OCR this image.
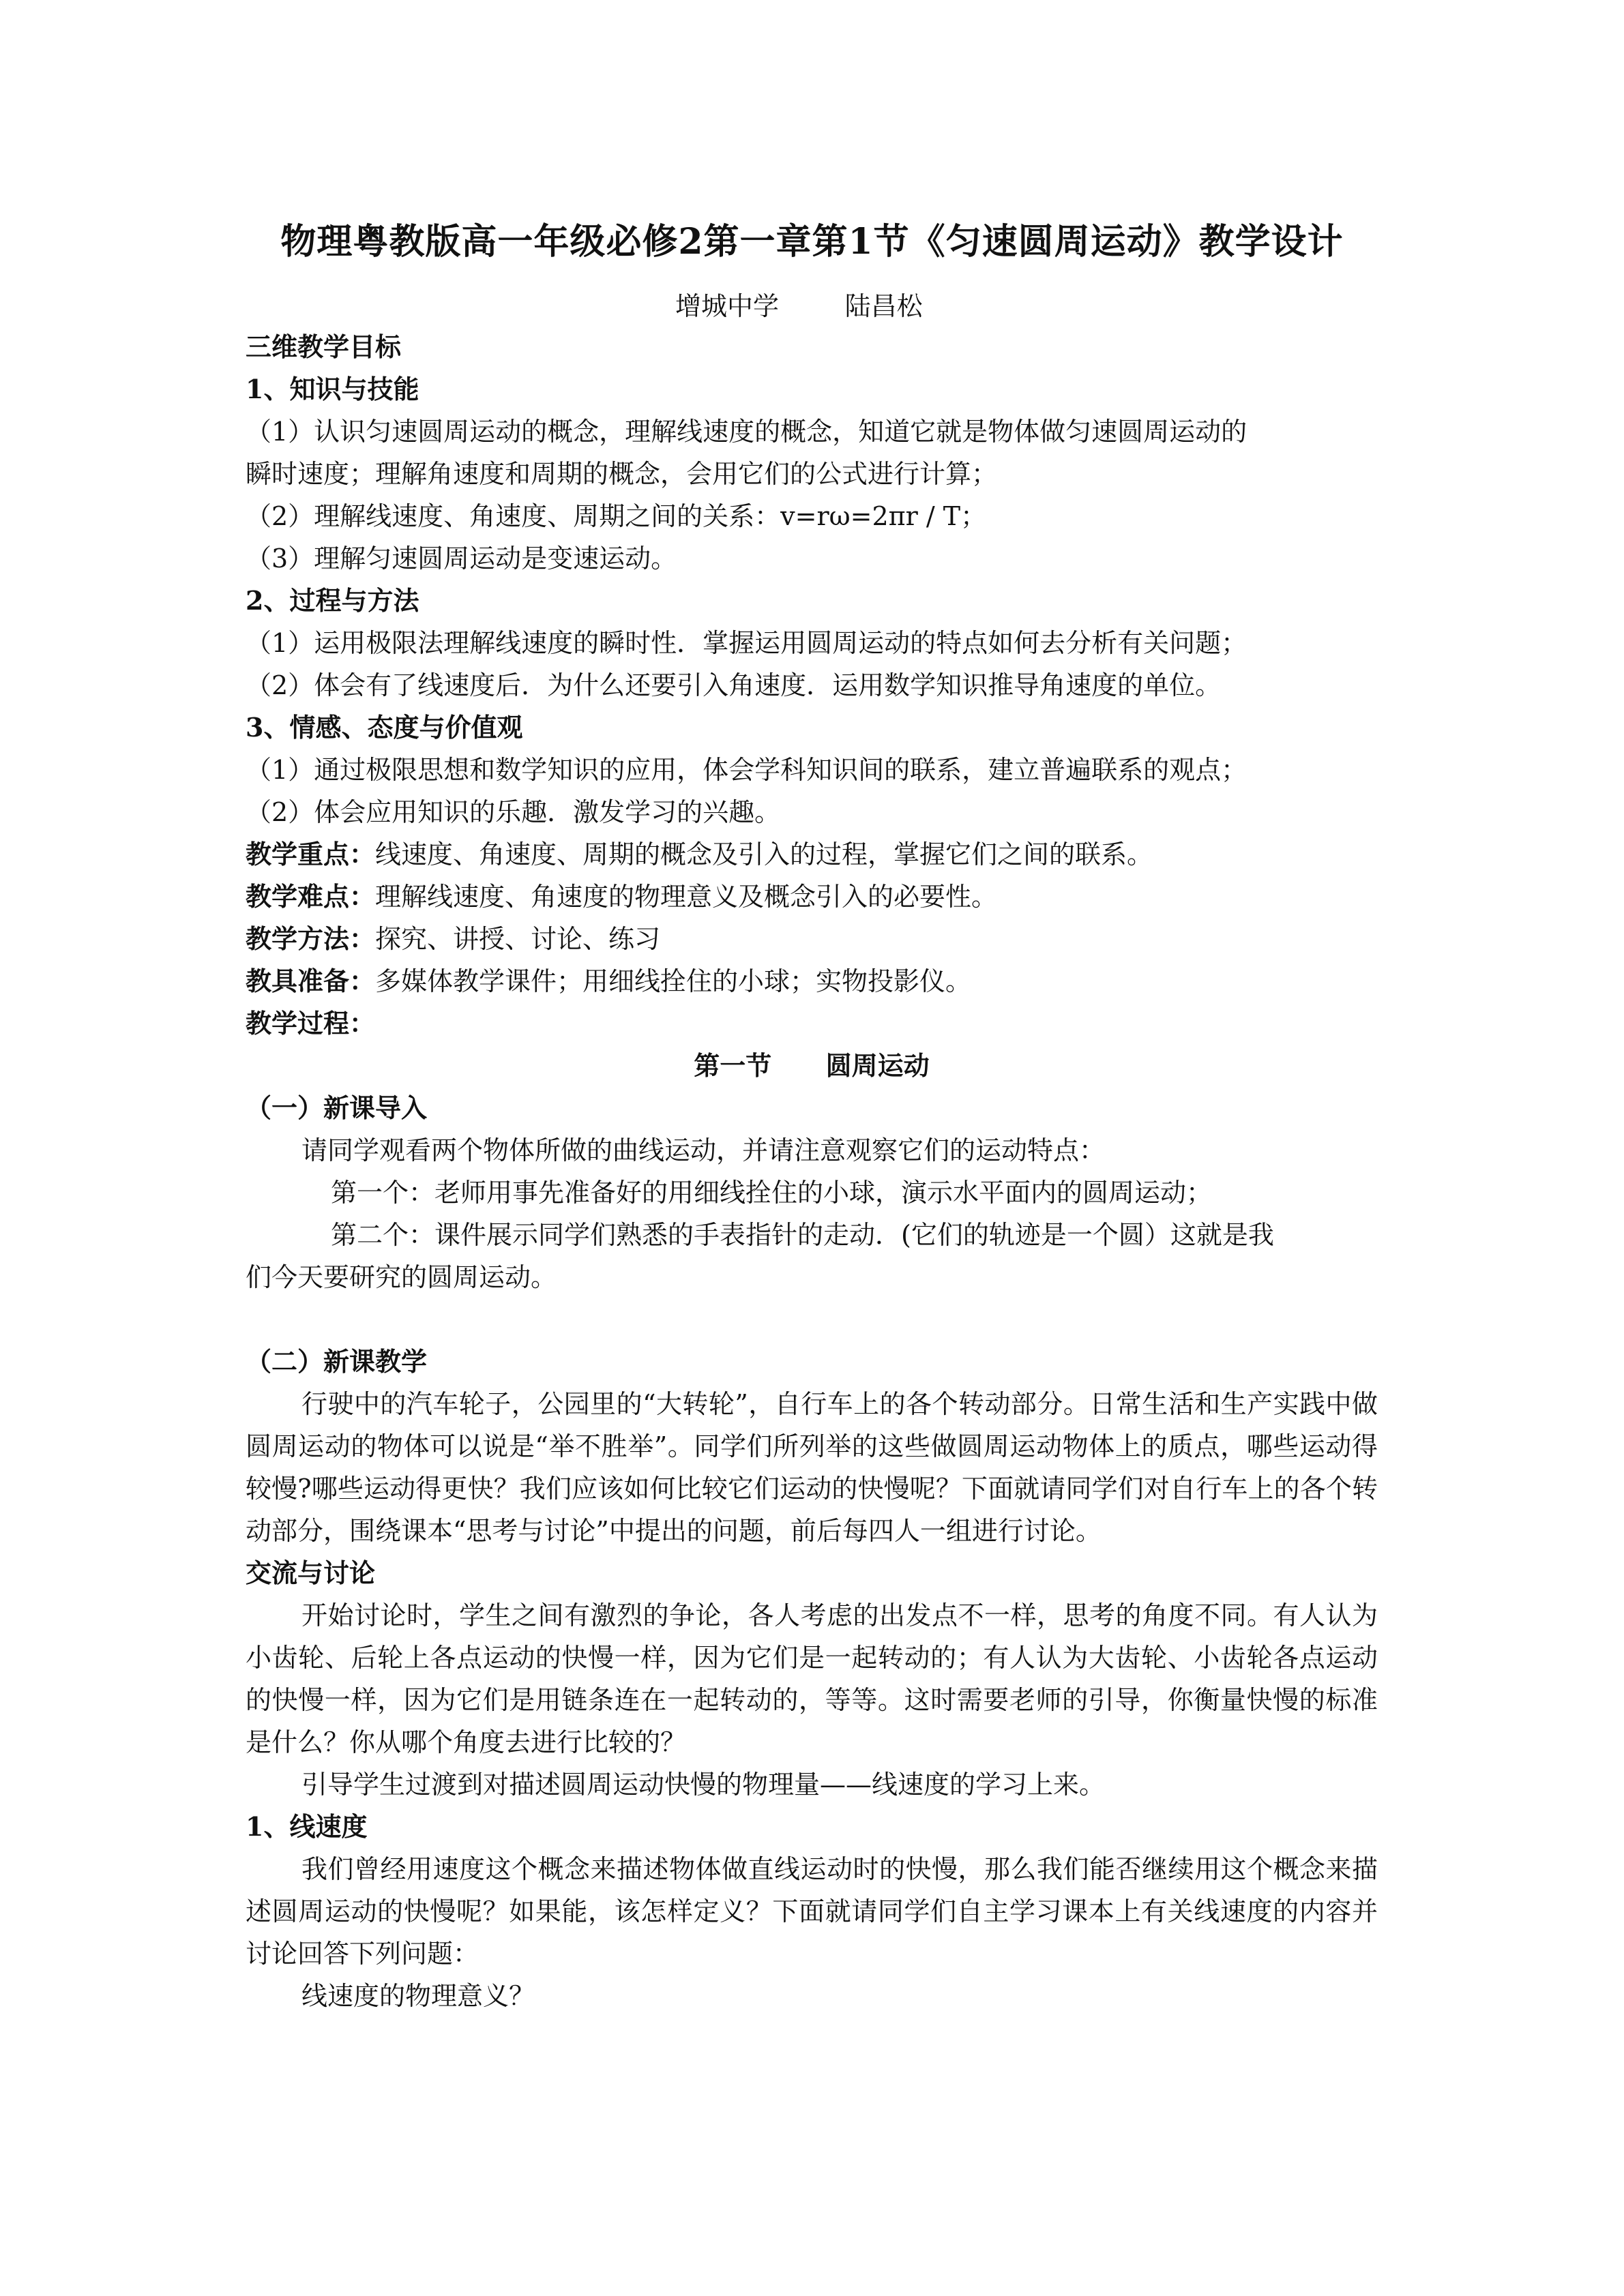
物理粤教版高一年级必修2第一章第1节《匀速圆周运动》教学设计
增城中学        陆昌松
三维教学目标
1、知识与技能
（1）认识匀速圆周运动的概念，理解线速度的概念，知道它就是物体做匀速圆周运动的
瞬时速度；理解角速度和周期的概念，会用它们的公式进行计算；
（2）理解线速度、角速度、周期之间的关系：v=rω=2πr / T；
（3）理解匀速圆周运动是变速运动。
2、过程与方法
（1）运用极限法理解线速度的瞬时性．掌握运用圆周运动的特点如何去分析有关问题；
（2）体会有了线速度后．为什么还要引入角速度．运用数学知识推导角速度的单位。
3、情感、态度与价值观
（1）通过极限思想和数学知识的应用，体会学科知识间的联系，建立普遍联系的观点；
（2）体会应用知识的乐趣．激发学习的兴趣。
教学重点：线速度、角速度、周期的概念及引入的过程，掌握它们之间的联系。
教学难点：理解线速度、角速度的物理意义及概念引入的必要性。
教学方法：探究、讲授、讨论、练习
教具准备：多媒体教学课件；用细线拴住的小球；实物投影仪。
教学过程：
第一节      圆周运动
（一）新课导入
请同学观看两个物体所做的曲线运动，并请注意观察它们的运动特点：
第一个：老师用事先准备好的用细线拴住的小球，演示水平面内的圆周运动；
第二个：课件展示同学们熟悉的手表指针的走动．(它们的轨迹是一个圆）这就是我
们今天要研究的圆周运动。
（二）新课教学
行驶中的汽车轮子，公园里的“大转轮”，自行车上的各个转动部分。日常生活和生产实践中做圆周运动的物体可以说是“举不胜举”。同学们所列举的这些做圆周运动物体上的质点，哪些运动得较慢?哪些运动得更快？我们应该如何比较它们运动的快慢呢？下面就请同学们对自行车上的各个转动部分，围绕课本“思考与讨论”中提出的问题，前后每四人一组进行讨论。
交流与讨论
开始讨论时，学生之间有激烈的争论，各人考虑的出发点不一样，思考的角度不同。有人认为小齿轮、后轮上各点运动的快慢一样，因为它们是一起转动的；有人认为大齿轮、小齿轮各点运动的快慢一样，因为它们是用链条连在一起转动的，等等。这时需要老师的引导，你衡量快慢的标准是什么？你从哪个角度去进行比较的？
引导学生过渡到对描述圆周运动快慢的物理量——线速度的学习上来。
1、线速度
我们曾经用速度这个概念来描述物体做直线运动时的快慢，那么我们能否继续用这个概念来描述圆周运动的快慢呢？如果能，该怎样定义？下面就请同学们自主学习课本上有关线速度的内容并讨论回答下列问题：
线速度的物理意义？
